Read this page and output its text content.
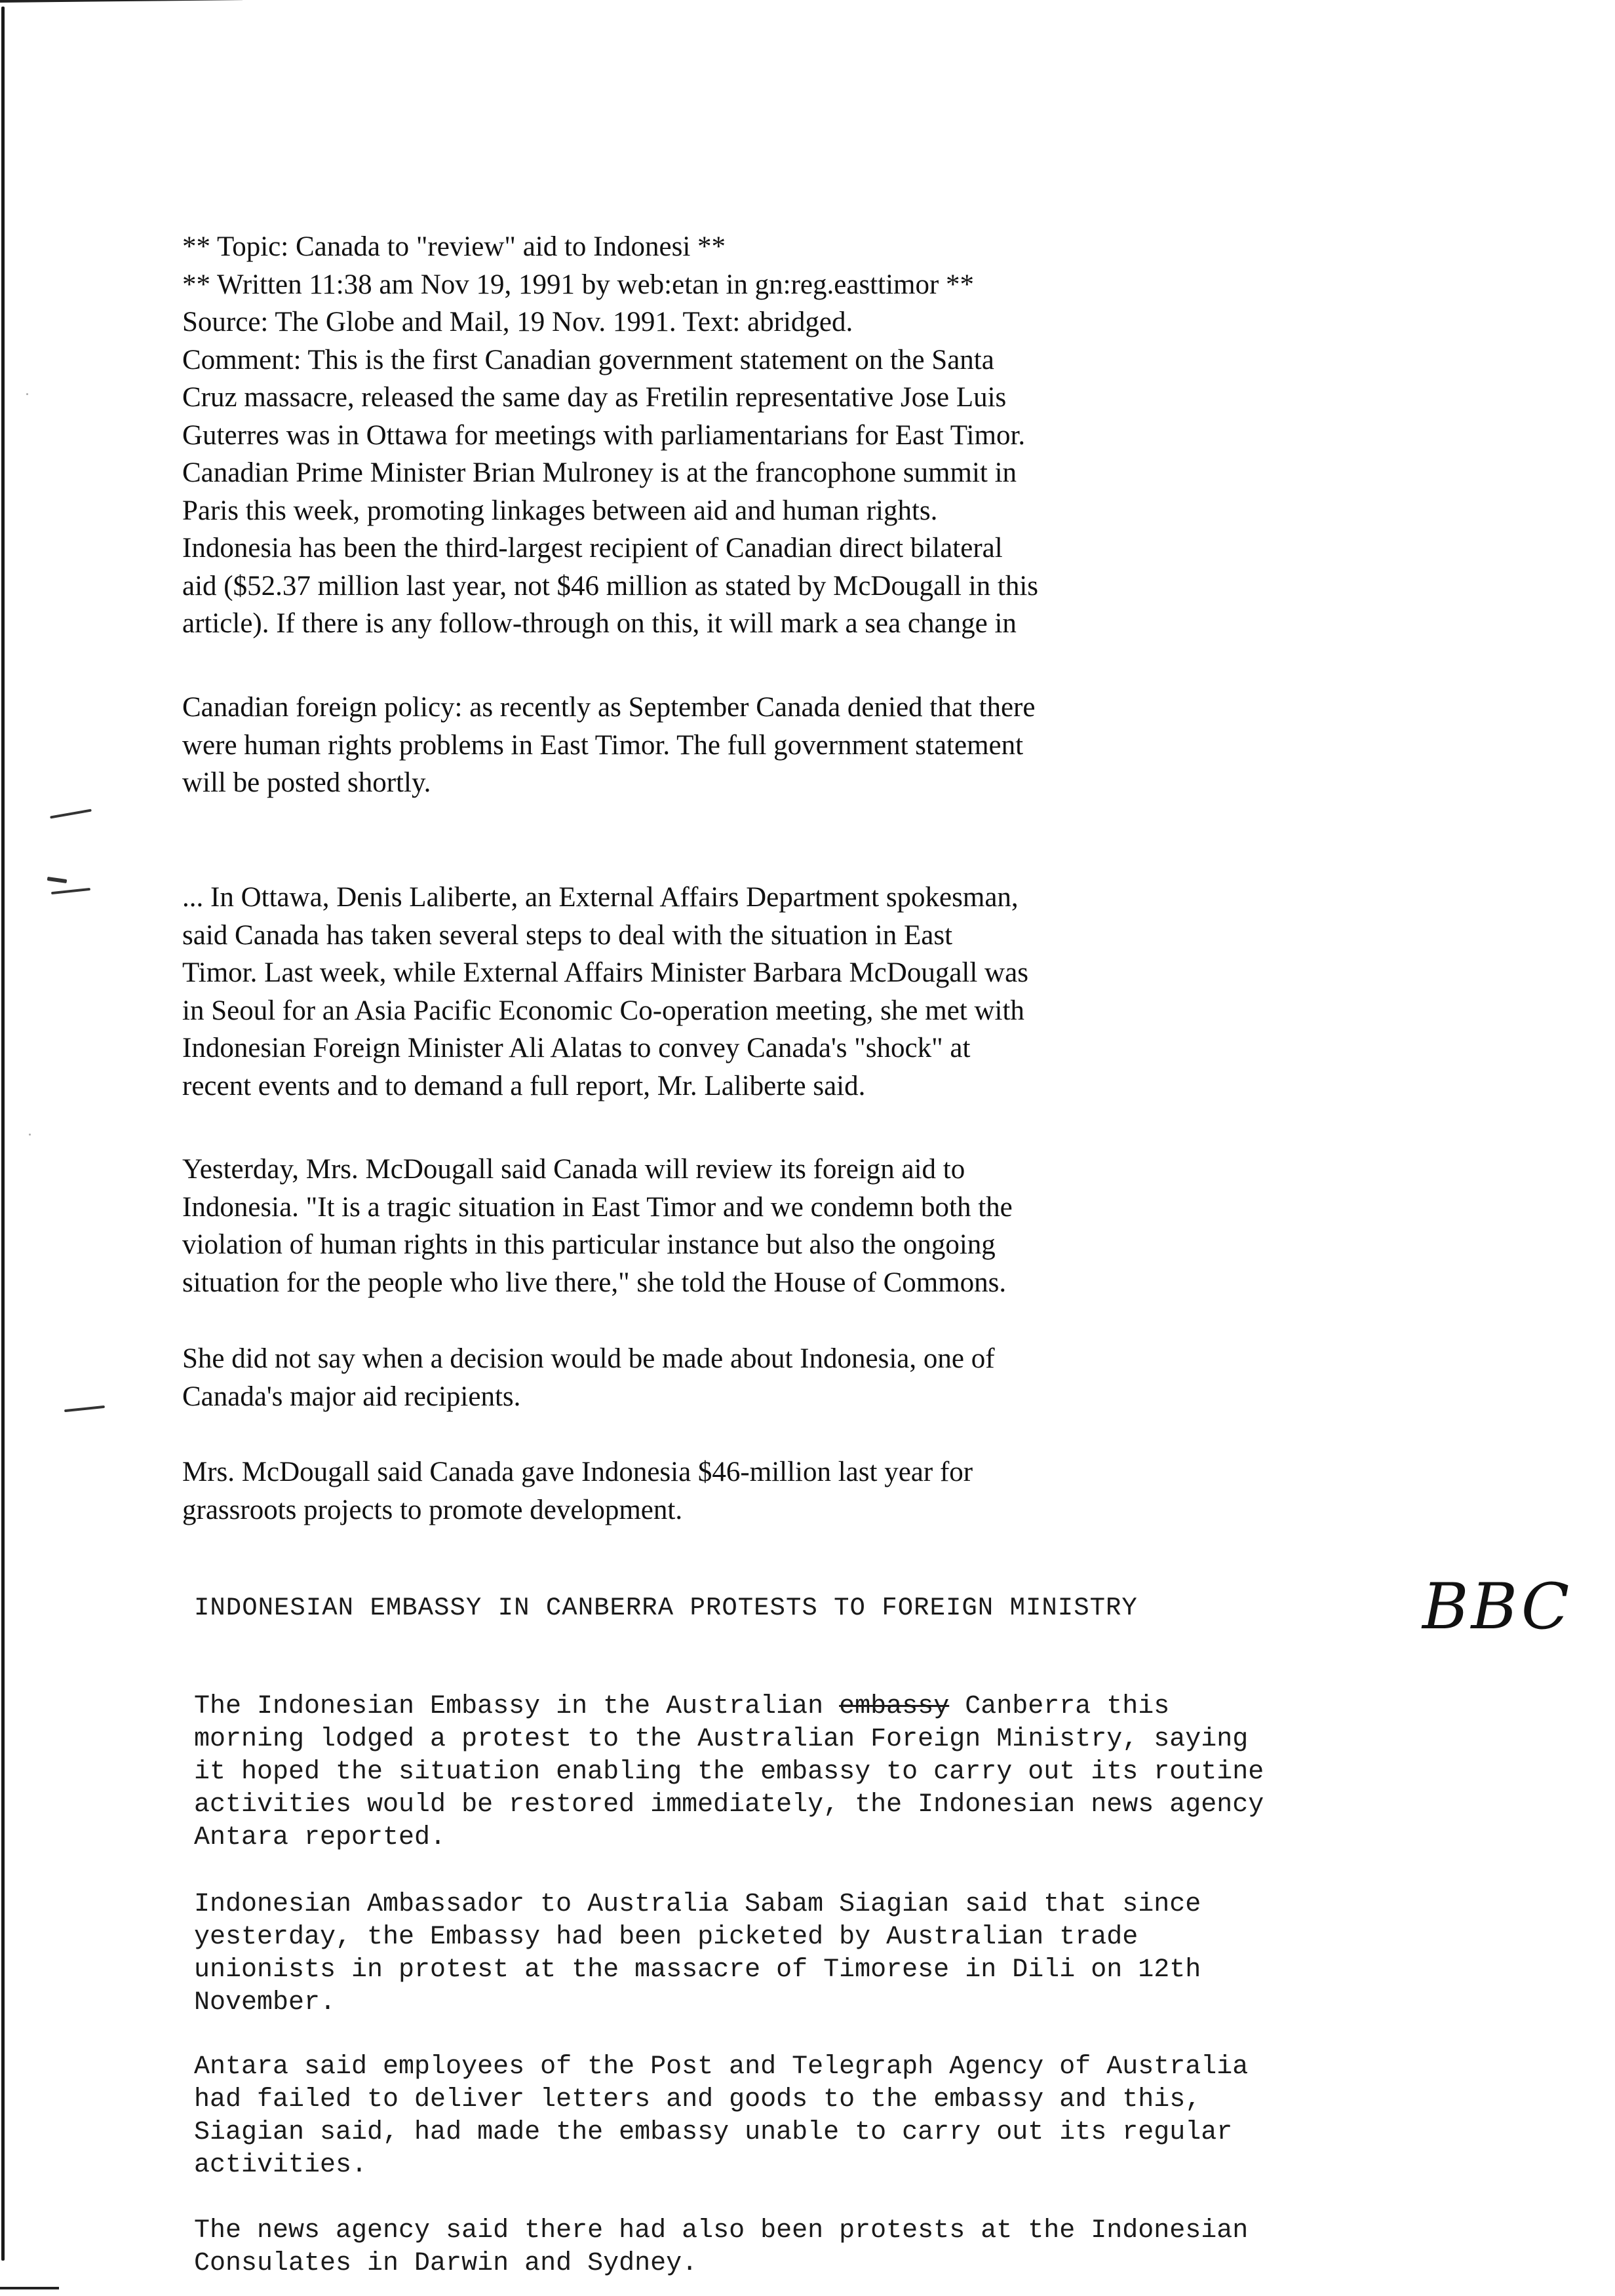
** Topic: Canada to "review" aid to Indonesi **
** Written 11:38 am Nov 19, 1991 by web:etan in gn:reg.easttimor **
Source: The Globe and Mail, 19 Nov. 1991. Text: abridged.
Comment: This is the first Canadian government statement on the Santa
Cruz massacre, released the same day as Fretilin representative Jose Luis
Guterres was in Ottawa for meetings with parliamentarians for East Timor.
Canadian Prime Minister Brian Mulroney is at the francophone summit in
Paris this week, promoting linkages between aid and human rights.
Indonesia has been the third-largest recipient of Canadian direct bilateral
aid ($52.37 million last year, not $46 million as stated by McDougall in this
article). If there is any follow-through on this, it will mark a sea change in
Canadian foreign policy: as recently as September Canada denied that there
were human rights problems in East Timor. The full government statement
will be posted shortly.
... In Ottawa, Denis Laliberte, an External Affairs Department spokesman,
said Canada has taken several steps to deal with the situation in East
Timor. Last week, while External Affairs Minister Barbara McDougall was
in Seoul for an Asia Pacific Economic Co-operation meeting, she met with
Indonesian Foreign Minister Ali Alatas to convey Canada's "shock" at
recent events and to demand a full report, Mr. Laliberte said.
Yesterday, Mrs. McDougall said Canada will review its foreign aid to
Indonesia. "It is a tragic situation in East Timor and we condemn both the
violation of human rights in this particular instance but also the ongoing
situation for the people who live there," she told the House of Commons.
She did not say when a decision would be made about Indonesia, one of
Canada's major aid recipients.
Mrs. McDougall said Canada gave Indonesia $46-million last year for
grassroots projects to promote development.
INDONESIAN EMBASSY IN CANBERRA PROTESTS TO FOREIGN MINISTRY	BBC
The Indonesian Embassy in the Australian embassy Canberra this
morning lodged a protest to the Australian Foreign Ministry, saying
it hoped the situation enabling the embassy to carry out its routine
activities would be restored immediately, the Indonesian news agency
Antara reported.
Indonesian Ambassador to Australia Sabam Siagian said that since
yesterday, the Embassy had been picketed by Australian trade
unionists in protest at the massacre of Timorese in Dili on 12th
November.
Antara said employees of the Post and Telegraph Agency of Australia
had failed to deliver letters and goods to the embassy and this,
Siagian said, had made the embassy unable to carry out its regular
activities.
The news agency said there had also been protests at the Indonesian
Consulates in Darwin and Sydney.
